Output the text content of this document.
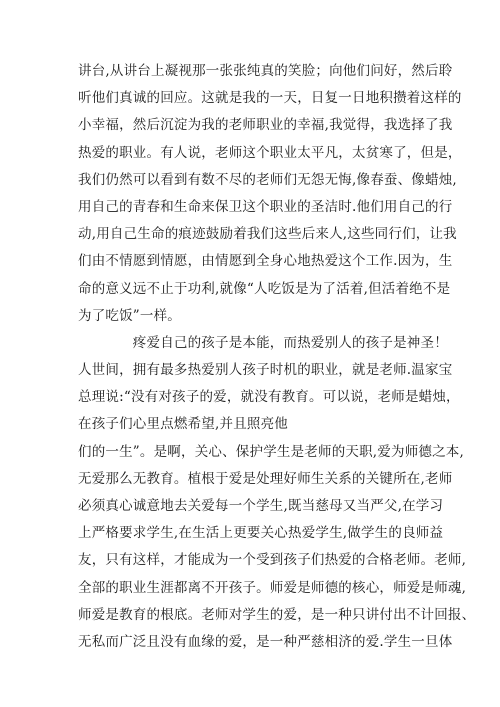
讲台,从讲台上凝视那一张张纯真的笑脸；向他们问好，然后聆
听他们真诚的回应。这就是我的一天，日复一日地积攒着这样的
小幸福，然后沉淀为我的老师职业的幸福,我觉得，我选择了我
热爱的职业。有人说，老师这个职业太平凡，太贫寒了，但是，
我们仍然可以看到有数不尽的老师们无怨无悔,像春蚕、像蜡烛,
用自己的青春和生命来保卫这个职业的圣洁时.他们用自己的行
动,用自己生命的痕迹鼓励着我们这些后来人,这些同行们，让我
们由不情愿到情愿，由情愿到全身心地热爱这个工作.因为，生
命的意义远不止于功利,就像“人吃饭是为了活着,但活着绝不是
为了吃饭”一样。
　　　　疼爱自己的孩子是本能，而热爱别人的孩子是神圣！
人世间，拥有最多热爱别人孩子时机的职业，就是老师.温家宝
总理说:“没有对孩子的爱，就没有教育。可以说，老师是蜡烛，
在孩子们心里点燃希望,并且照亮他
们的一生”。是啊，关心、保护学生是老师的天职,爱为师德之本,
无爱那么无教育。植根于爱是处理好师生关系的关键所在,老师
必须真心诚意地去关爱每一个学生,既当慈母又当严父,在学习
上严格要求学生,在生活上更要关心热爱学生,做学生的良师益
友，只有这样，才能成为一个受到孩子们热爱的合格老师。老师,
全部的职业生涯都离不开孩子。师爱是师德的核心，师爱是师魂,
师爱是教育的根底。老师对学生的爱，是一种只讲付出不计回报、
无私而广泛且没有血缘的爱，是一种严慈相济的爱.学生一旦体
